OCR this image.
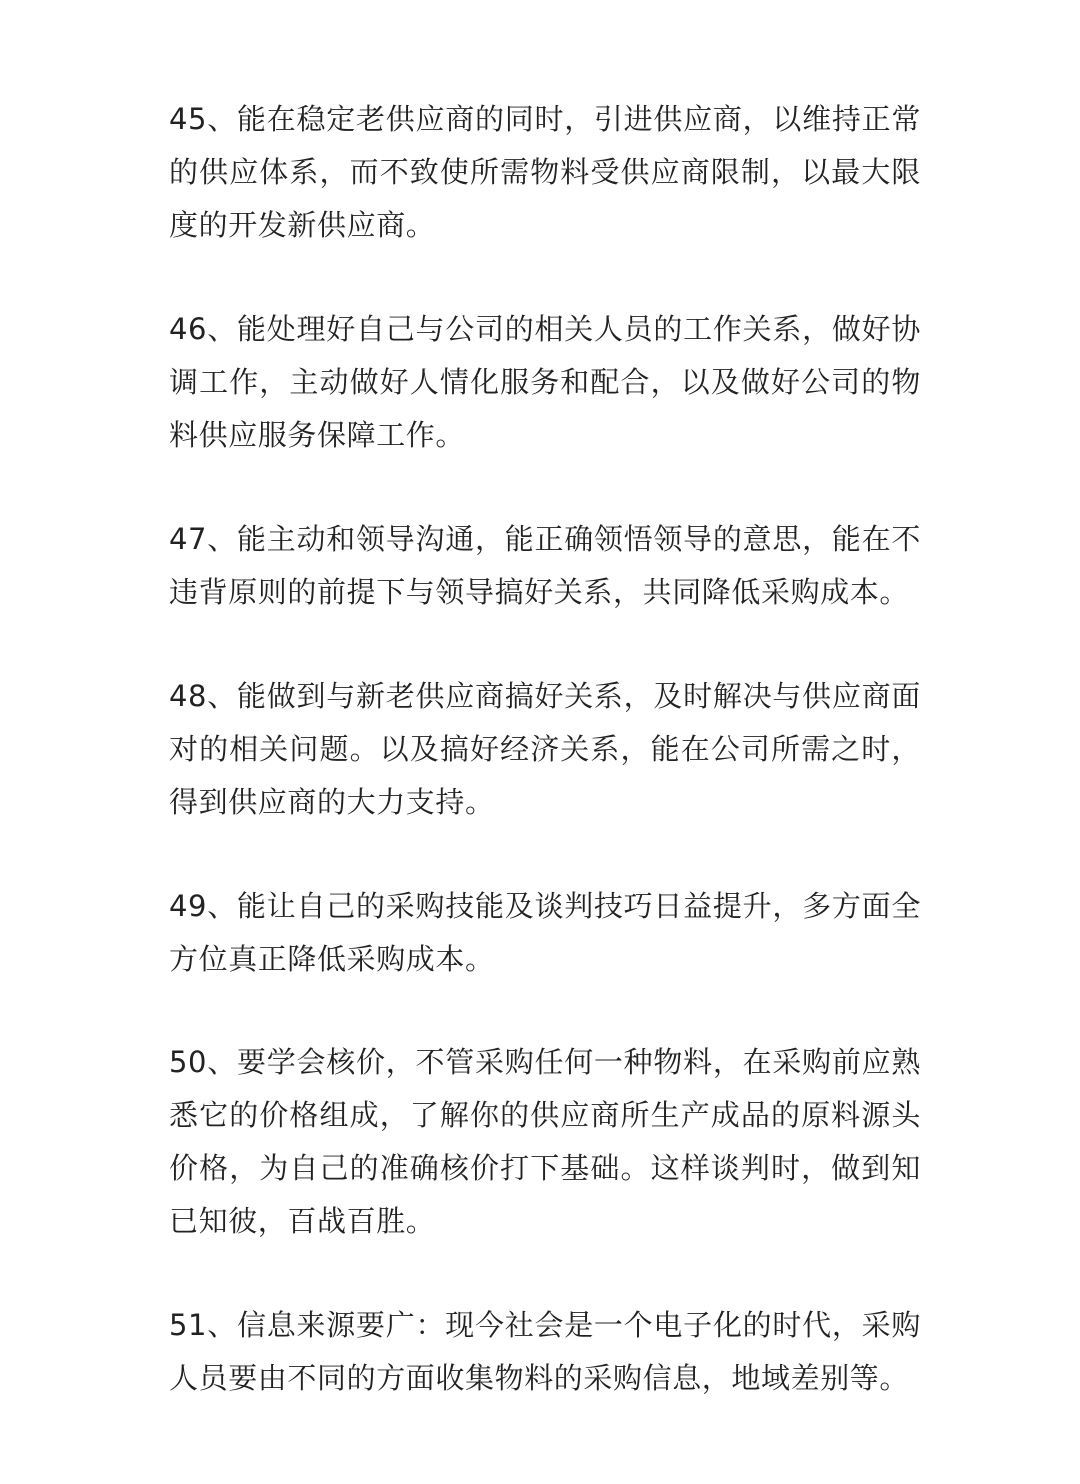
45、能在稳定老供应商的同时，引进供应商，以维持正常的供应体系，而不致使所需物料受供应商限制，以最大限度的开发新供应商。

46、能处理好自己与公司的相关人员的工作关系，做好协调工作，主动做好人情化服务和配合，以及做好公司的物料供应服务保障工作。

47、能主动和领导沟通，能正确领悟领导的意思，能在不违背原则的前提下与领导搞好关系，共同降低采购成本。

48、能做到与新老供应商搞好关系，及时解决与供应商面对的相关问题。以及搞好经济关系，能在公司所需之时，得到供应商的大力支持。

49、能让自己的采购技能及谈判技巧日益提升，多方面全方位真正降低采购成本。

50、要学会核价，不管采购任何一种物料，在采购前应熟悉它的价格组成，了解你的供应商所生产成品的原料源头价格，为自己的准确核价打下基础。这样谈判时，做到知已知彼，百战百胜。

51、信息来源要广：现今社会是一个电子化的时代，采购人员要由不同的方面收集物料的采购信息，地域差别等。
